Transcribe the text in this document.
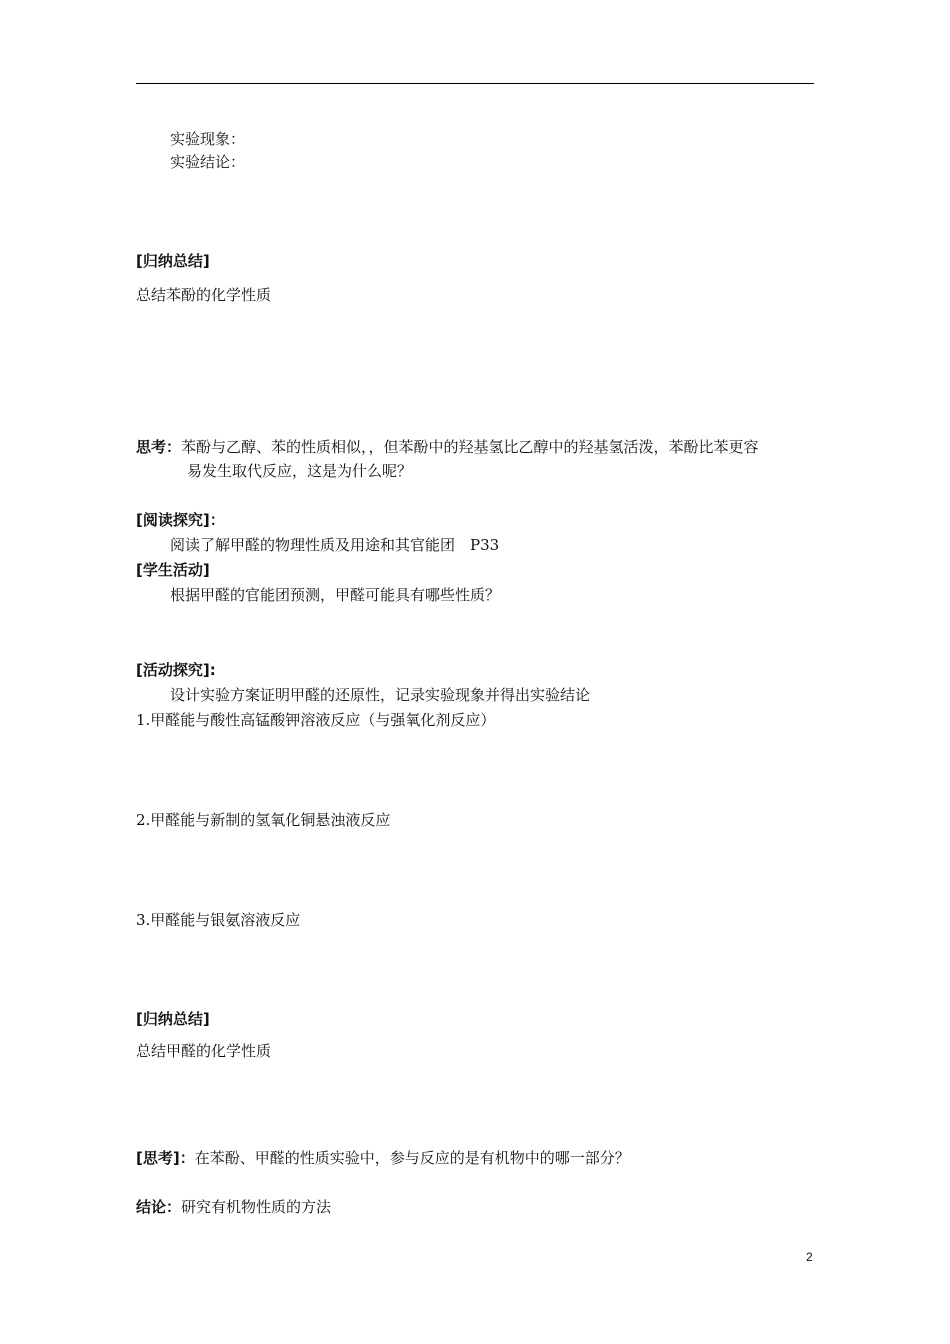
实验现象：
实验结论：
[归纳总结]
总结苯酚的化学性质
思考：苯酚与乙醇、苯的性质相似，，但苯酚中的羟基氢比乙醇中的羟基氢活泼，苯酚比苯更容
易发生取代反应，这是为什么呢？
[阅读探究]：
阅读了解甲醛的物理性质及用途和其官能团　P33
[学生活动]
根据甲醛的官能团预测，甲醛可能具有哪些性质？
[活动探究]:
设计实验方案证明甲醛的还原性，记录实验现象并得出实验结论
1.甲醛能与酸性高锰酸钾溶液反应（与强氧化剂反应）
2.甲醛能与新制的氢氧化铜悬浊液反应
3.甲醛能与银氨溶液反应
[归纳总结]
总结甲醛的化学性质
[思考]：在苯酚、甲醛的性质实验中，参与反应的是有机物中的哪一部分？
结论：研究有机物性质的方法
2
